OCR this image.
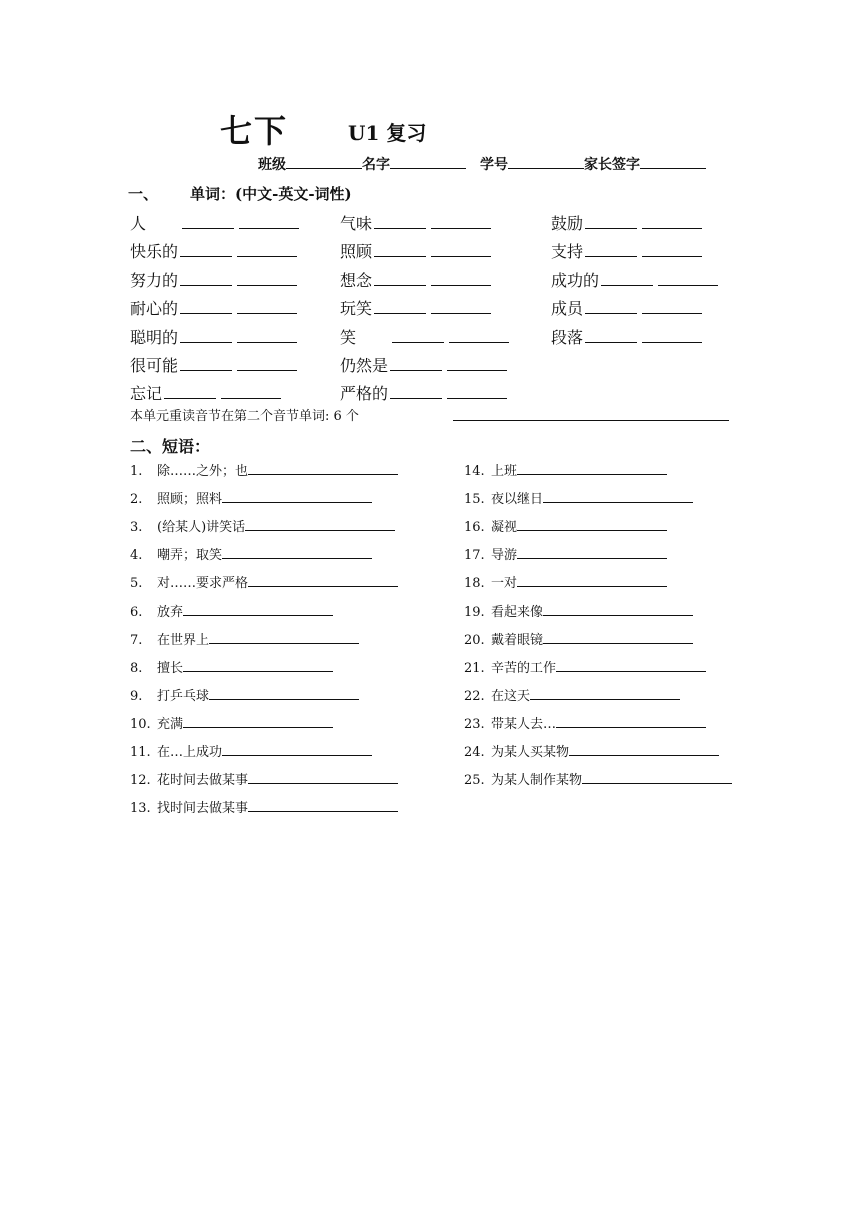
七下	U1 复习
班级	名字	学号	家长签字
一、 单词：(中文-英文-词性)
人	气味	鼓励
快乐的	照顾	支持
努力的	想念	成功的
耐心的	玩笑	成员
聪明的	笑	段落
很可能	仍然是
忘记	严格的
本单元重读音节在第二个音节单词: 6 个
二、短语：
1. 除……之外；也
2. 照顾；照料
3. (给某人)讲笑话
4. 嘲弄；取笑
5. 对……要求严格
6. 放弃
7. 在世界上
8. 擅长
9. 打乒乓球
10. 充满
11. 在…上成功
12. 花时间去做某事
13. 找时间去做某事
14. 上班
15. 夜以继日
16. 凝视
17. 导游
18. 一对
19. 看起来像
20. 戴着眼镜
21. 辛苦的工作
22. 在这天
23. 带某人去…
24. 为某人买某物
25. 为某人制作某物
